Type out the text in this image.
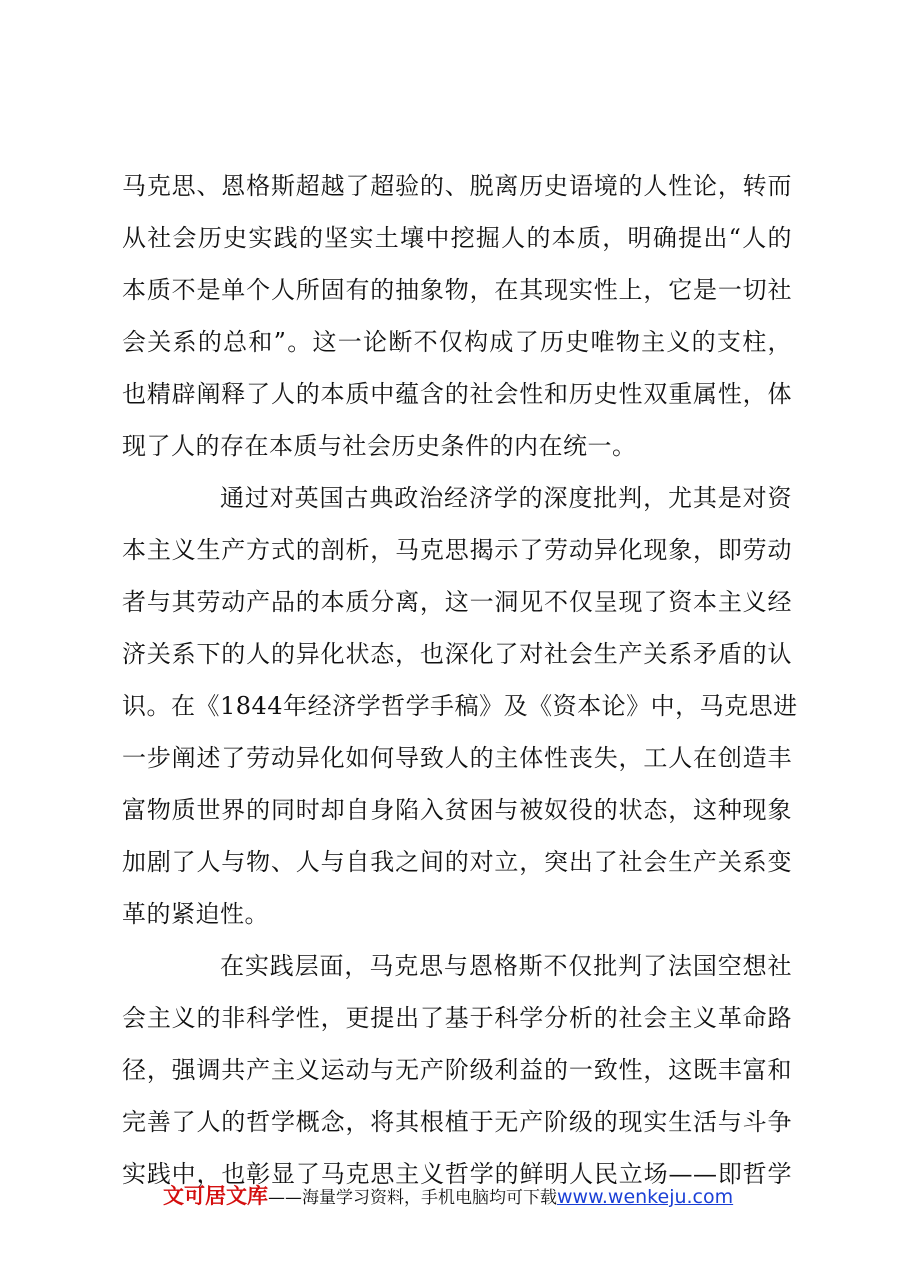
马克思、恩格斯超越了超验的、脱离历史语境的人性论，转而
从社会历史实践的坚实土壤中挖掘人的本质，明确提出“人的
本质不是单个人所固有的抽象物，在其现实性上，它是一切社
会关系的总和”。这一论断不仅构成了历史唯物主义的支柱，
也精辟阐释了人的本质中蕴含的社会性和历史性双重属性，体
现了人的存在本质与社会历史条件的内在统一。
通过对英国古典政治经济学的深度批判，尤其是对资
本主义生产方式的剖析，马克思揭示了劳动异化现象，即劳动
者与其劳动产品的本质分离，这一洞见不仅呈现了资本主义经
济关系下的人的异化状态，也深化了对社会生产关系矛盾的认
识。在《1844年经济学哲学手稿》及《资本论》中，马克思进
一步阐述了劳动异化如何导致人的主体性丧失，工人在创造丰
富物质世界的同时却自身陷入贫困与被奴役的状态，这种现象
加剧了人与物、人与自我之间的对立，突出了社会生产关系变
革的紧迫性。
在实践层面，马克思与恩格斯不仅批判了法国空想社
会主义的非科学性，更提出了基于科学分析的社会主义革命路
径，强调共产主义运动与无产阶级利益的一致性，这既丰富和
完善了人的哲学概念，将其根植于无产阶级的现实生活与斗争
实践中，也彰显了马克思主义哲学的鲜明人民立场——即哲学
文可居文库——海量学习资料，手机电脑均可下载www.wenkeju.com
